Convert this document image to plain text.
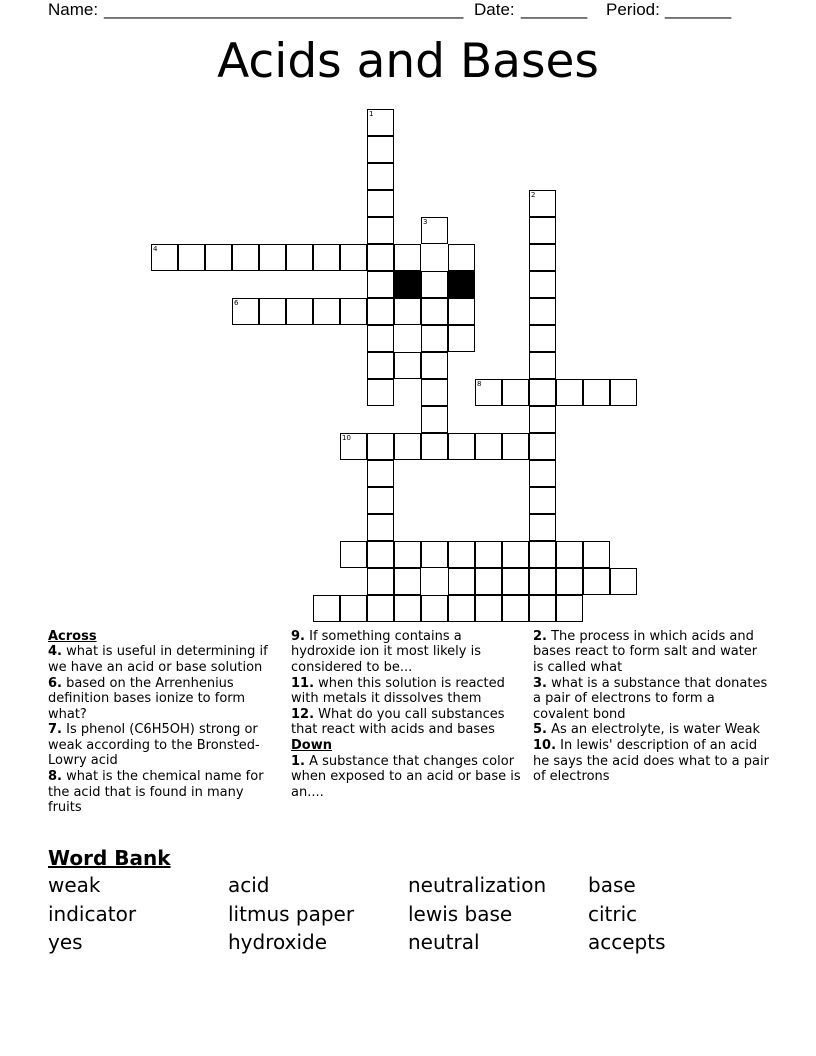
Name: ______________________________________ Date: _______ Period: _______
Acids and Bases
1
2
3
4
6
8
10
Across
4. what is useful in determining if we have an acid or base solution
6. based on the Arrenhenius definition bases ionize to form what?
7. Is phenol (C6H5OH) strong or weak according to the Bronsted-Lowry acid
8. what is the chemical name for the acid that is found in many fruits
9. If something contains a hydroxide ion it most likely is considered to be...
11. when this solution is reacted with metals it dissolves them
12. What do you call substances that react with acids and bases
Down
1. A substance that changes color when exposed to an acid or base is an....
2. The process in which acids and bases react to form salt and water is called what
3. what is a substance that donates a pair of electrons to form a covalent bond
5. As an electrolyte, is water Weak
10. In lewis' description of an acid he says the acid does what to a pair of electrons
Word Bank
weak	acid	neutralization	base
indicator	litmus paper	lewis base	citric
yes	hydroxide	neutral	accepts
